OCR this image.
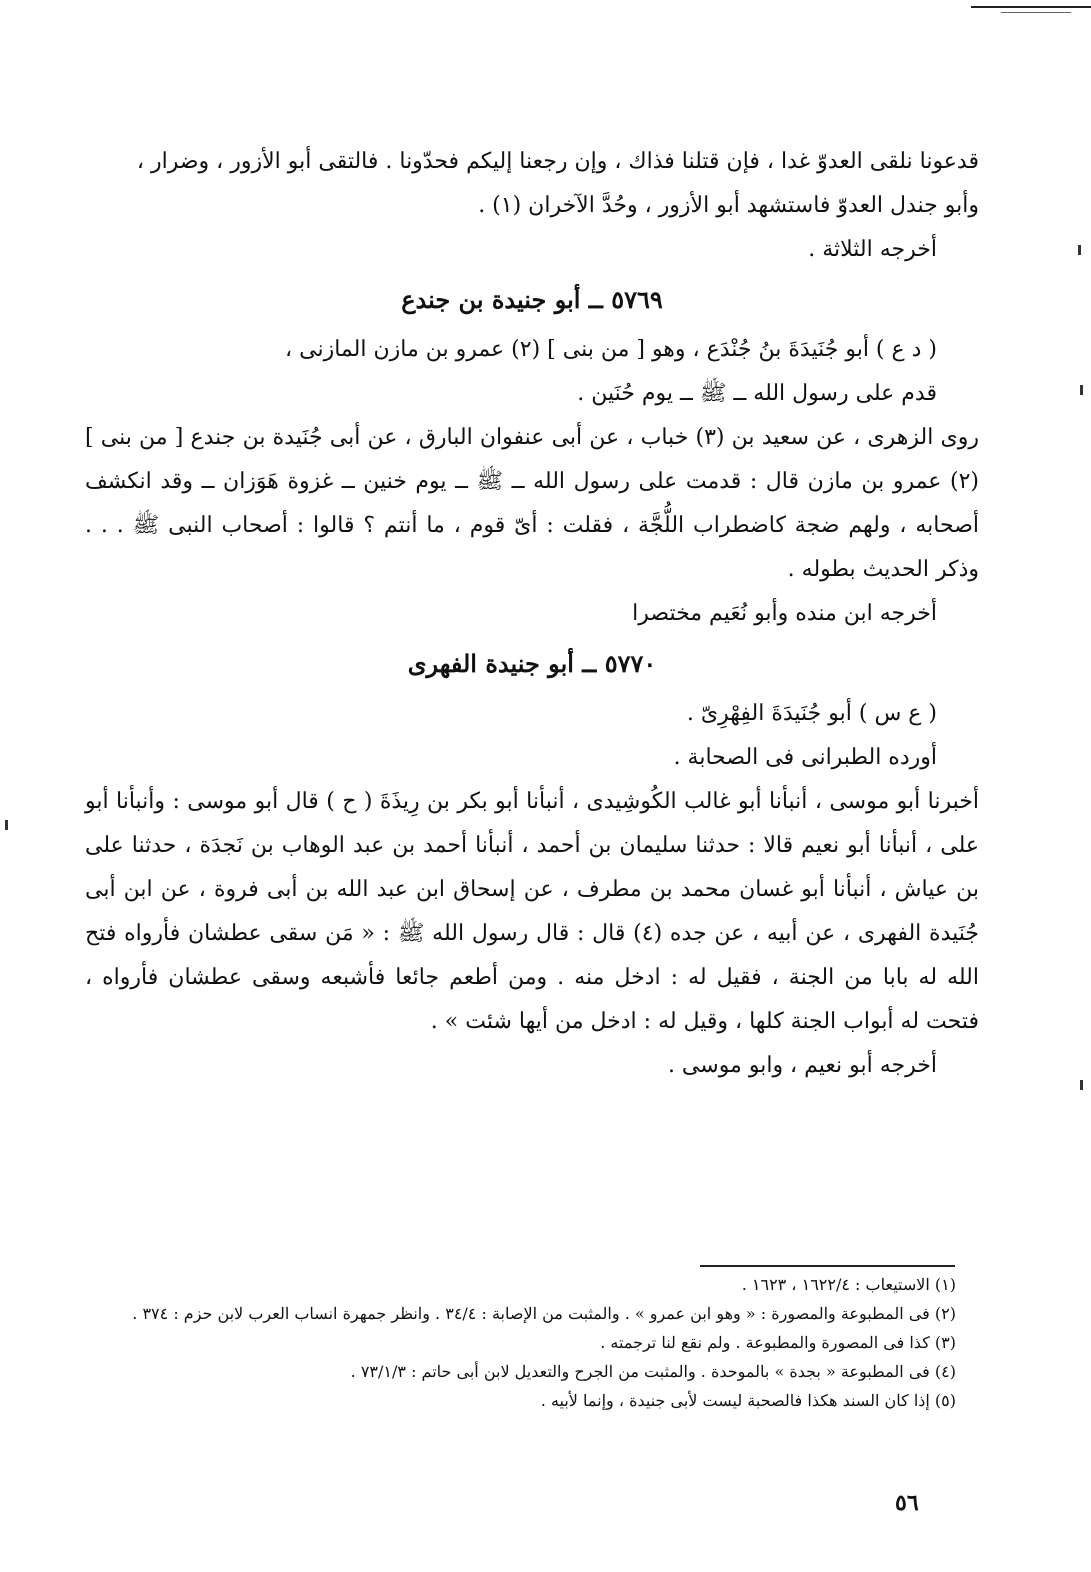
قدعونا نلقى العدوّ غدا ، فإن قتلنا فذاك ، وإن رجعنا إليكم فحدّونا . فالتقى أبو الأزور ، وضرار ،

وأبو جندل العدوّ فاستشهد أبو الأزور ، وحُدَّ الآخران (١) .

أخرجه الثلاثة .

٥٧٦٩ ــ أبو جنيدة بن جندع

( د ع ) أبو جُنَيدَةَ بنُ جُنْدَع ، وهو [ من بنى ] (٢) عمرو بن مازن المازنى ،

قدم على رسول الله ــ ﷺ ــ يوم حُنَين .

روى الزهرى ، عن سعيد بن (٣) خباب ، عن أبى عنفوان البارق ، عن أبى جُنَيدة بن جندع [ من بنى ] (٢) عمرو بن مازن قال : قدمت على رسول الله ــ ﷺ ــ يوم خنين ــ غزوة هَوَزان ــ وقد انكشف أصحابه ، ولهم ضجة كاضطراب اللُّجَّة ، فقلت : أىّ قوم ، ما أنتم ؟ قالوا : أصحاب النبى ﷺ . . . وذكر الحديث بطوله .

أخرجه ابن منده وأبو نُعَيم مختصرا

٥٧٧٠ ــ أبو جنيدة الفهرى

( ع س ) أبو جُنَيدَةَ الفِهْرِىّ .

أورده الطبرانى فى الصحابة .

أخبرنا أبو موسى ، أنبأنا أبو غالب الكُوشِيدى ، أنبأنا أبو بكر بن رِيذَةَ ( ح ) قال أبو موسى : وأنبأنا أبو على ، أنبأنا أبو نعيم قالا : حدثنا سليمان بن أحمد ، أنبأنا أحمد بن عبد الوهاب بن نَجدَة ، حدثنا على بن عياش ، أنبأنا أبو غسان محمد بن مطرف ، عن إسحاق ابن عبد الله بن أبى فروة ، عن ابن أبى جُنَيدة الفهرى ، عن أبيه ، عن جده (٤) قال : قال رسول الله ﷺ : « مَن سقى عطشان فأرواه فتح الله له بابا من الجنة ، فقيل له : ادخل منه . ومن أطعم جائعا فأشبعه وسقى عطشان فأرواه ، فتحت له أبواب الجنة كلها ، وقيل له : ادخل من أيها شئت » .

أخرجه أبو نعيم ، وابو موسى .

(١) الاستيعاب : ١٦٢٢/٤ ، ١٦٢٣ .

(٢) فى المطبوعة والمصورة : « وهو ابن عمرو » . والمثبت من الإصابة : ٣٤/٤ . وانظر جمهرة انساب العرب لابن حزم : ٣٧٤ .

(٣) كذا فى المصورة والمطبوعة . ولم نقع لنا ترجمته .

(٤) فى المطبوعة « بجدة » بالموحدة . والمثبت من الجرح والتعديل لابن أبى حاتم : ٧٣/١/٣ .

(٥) إذا كان السند هكذا فالصحبة ليست لأبى جنيدة ، وإنما لأبيه .

٥٦
